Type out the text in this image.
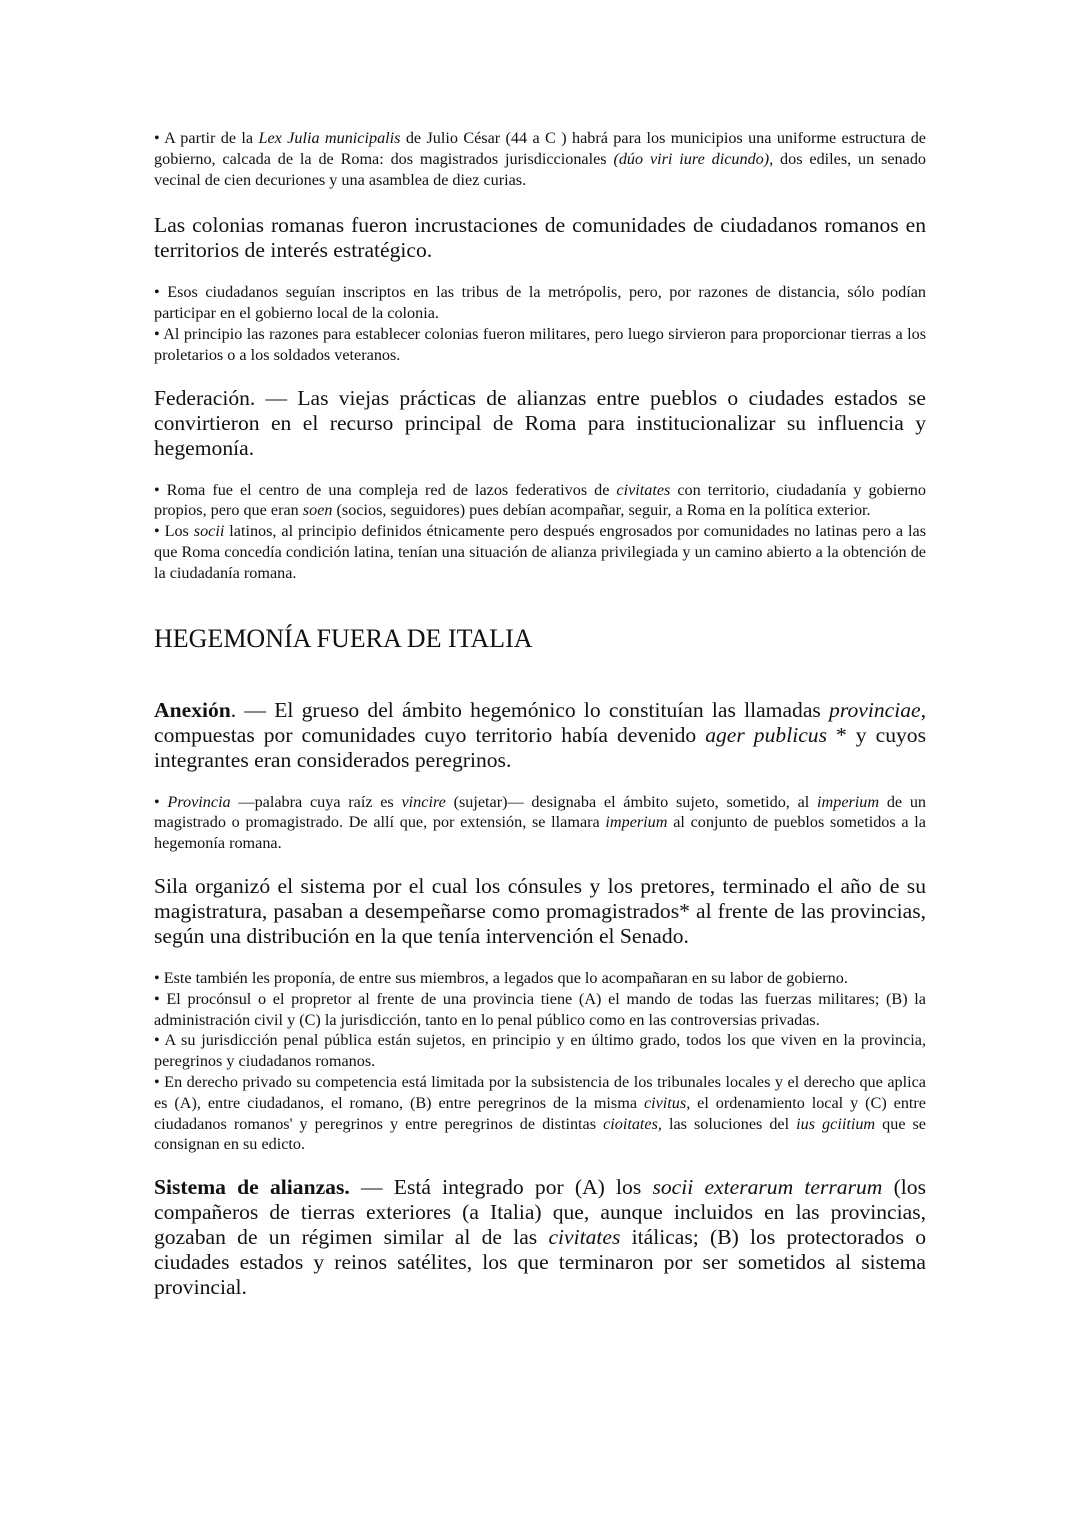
• A partir de la Lex Julia municipalis de Julio César (44 a C ) habrá para los municipios una uniforme estructura de gobierno, calcada de la de Roma: dos magistrados jurisdiccionales (dúo viri iure dicundo), dos ediles, un senado vecinal de cien decuriones y una asamblea de diez curias.

Las colonias romanas fueron incrustaciones de comunidades de ciudadanos romanos en territorios de interés estratégico.

• Esos ciudadanos seguían inscriptos en las tribus de la metrópolis, pero, por razones de distancia, sólo podían participar en el gobierno local de la colonia.

• Al principio las razones para establecer colonias fueron militares, pero luego sirvieron para proporcionar tierras a los proletarios o a los soldados veteranos.

Federación. — Las viejas prácticas de alianzas entre pueblos o ciudades estados se convirtieron en el recurso principal de Roma para institucionalizar su influencia y hegemonía.

• Roma fue el centro de una compleja red de lazos federativos de civitates con territorio, ciudadanía y gobierno propios, pero que eran soen (socios, seguidores) pues debían acompañar, seguir, a Roma en la política exterior.

• Los socii latinos, al principio definidos étnicamente pero después engrosados por comunidades no latinas pero a las que Roma concedía condición latina, tenían una situación de alianza privilegiada y un camino abierto a la obtención de la ciudadanía romana.

HEGEMONÍA FUERA DE ITALIA

Anexión. — El grueso del ámbito hegemónico lo constituían las llamadas provinciae, compuestas por comunidades cuyo territorio había devenido ager publicus * y cuyos integrantes eran considerados peregrinos.

• Provincia —palabra cuya raíz es vincire (sujetar)— designaba el ámbito sujeto, sometido, al imperium de un magistrado o promagistrado. De allí que, por extensión, se llamara imperium al conjunto de pueblos sometidos a la hegemonía romana.

Sila organizó el sistema por el cual los cónsules y los pretores, terminado el año de su magistratura, pasaban a desempeñarse como promagistrados* al frente de las provincias, según una distribución en la que tenía intervención el Senado.

• Este también les proponía, de entre sus miembros, a legados que lo acompañaran en su labor de gobierno.

• El procónsul o el propretor al frente de una provincia tiene (A) el mando de todas las fuerzas militares; (B) la administración civil y (C) la jurisdicción, tanto en lo penal público como en las controversias privadas.

• A su jurisdicción penal pública están sujetos, en principio y en último grado, todos los que viven en la provincia, peregrinos y ciudadanos romanos.

• En derecho privado su competencia está limitada por la subsistencia de los tribunales locales y el derecho que aplica es (A), entre ciudadanos, el romano, (B) entre peregrinos de la misma civitus, el ordenamiento local y (C) entre ciudadanos romanos' y peregrinos y entre peregrinos de distintas cioitates, las soluciones del ius gciitium que se consignan en su edicto.

Sistema de alianzas. — Está integrado por (A) los socii exterarum terrarum (los compañeros de tierras exteriores (a Italia) que, aunque incluidos en las provincias, gozaban de un régimen similar al de las civitates itálicas; (B) los protectorados o ciudades estados y reinos satélites, los que terminaron por ser sometidos al sistema provincial.
